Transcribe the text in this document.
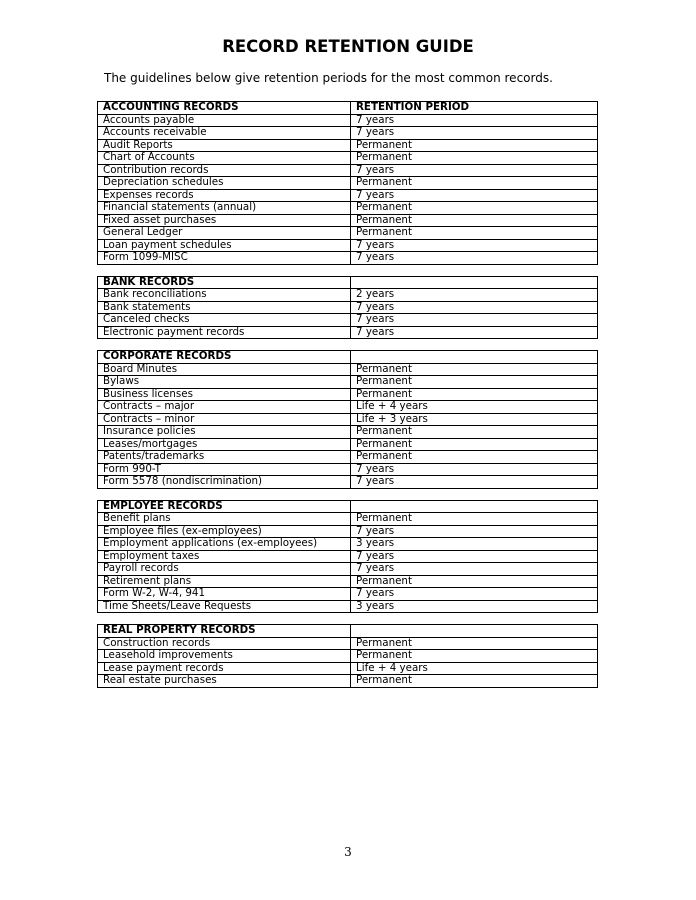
RECORD RETENTION GUIDE

The guidelines below give retention periods for the most common records.

ACCOUNTING RECORDS	RETENTION PERIOD
Accounts payable	7 years
Accounts receivable	7 years
Audit Reports	Permanent
Chart of Accounts	Permanent
Contribution records	7 years
Depreciation schedules	Permanent
Expenses records	7 years
Financial statements (annual)	Permanent
Fixed asset purchases	Permanent
General Ledger	Permanent
Loan payment schedules	7 years
Form 1099-MISC	7 years
BANK RECORDS	
Bank reconciliations	2 years
Bank statements	7 years
Canceled checks	7 years
Electronic payment records	7 years
CORPORATE RECORDS	
Board Minutes	Permanent
Bylaws	Permanent
Business licenses	Permanent
Contracts – major	Life + 4 years
Contracts – minor	Life + 3 years
Insurance policies	Permanent
Leases/mortgages	Permanent
Patents/trademarks	Permanent
Form 990-T	7 years
Form 5578 (nondiscrimination)	7 years
EMPLOYEE RECORDS	
Benefit plans	Permanent
Employee files (ex-employees)	7 years
Employment applications (ex-employees)	3 years
Employment taxes	7 years
Payroll records	7 years
Retirement plans	Permanent
Form W-2, W-4, 941	7 years
Time Sheets/Leave Requests	3 years
REAL PROPERTY RECORDS	
Construction records	Permanent
Leasehold improvements	Permanent
Lease payment records	Life + 4 years
Real estate purchases	Permanent

3
